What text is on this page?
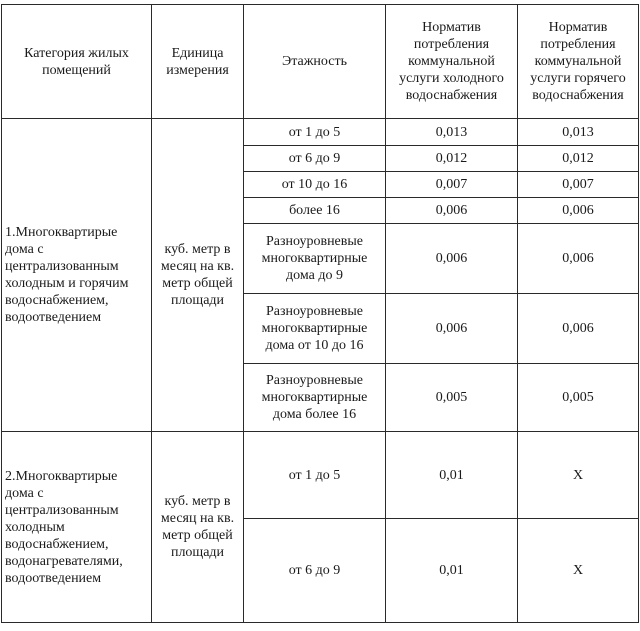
Категория жилых помещений	Единица измерения	Этажность	Норматив потребления коммунальной услуги холодного водоснабжения	Норматив потребления коммунальной услуги горячего водоснабжения
1.Многоквартирые дома с централизованным холодным и горячим водоснабжением, водоотведением	куб. метр в месяц на кв. метр общей площади	от 1 до 5	0,013	0,013
		от 6 до 9	0,012	0,012
		от 10 до 16	0,007	0,007
		более 16	0,006	0,006
		Разноуровневые многоквартирные дома до 9	0,006	0,006
		Разноуровневые многоквартирные дома от 10 до 16	0,006	0,006
		Разноуровневые многоквартирные дома более 16	0,005	0,005
2.Многоквартирые дома с централизованным холодным водоснабжением, водонагревателями, водоотведением	куб. метр в месяц на кв. метр общей площади	от 1 до 5	0,01	X
		от 6 до 9	0,01	X
